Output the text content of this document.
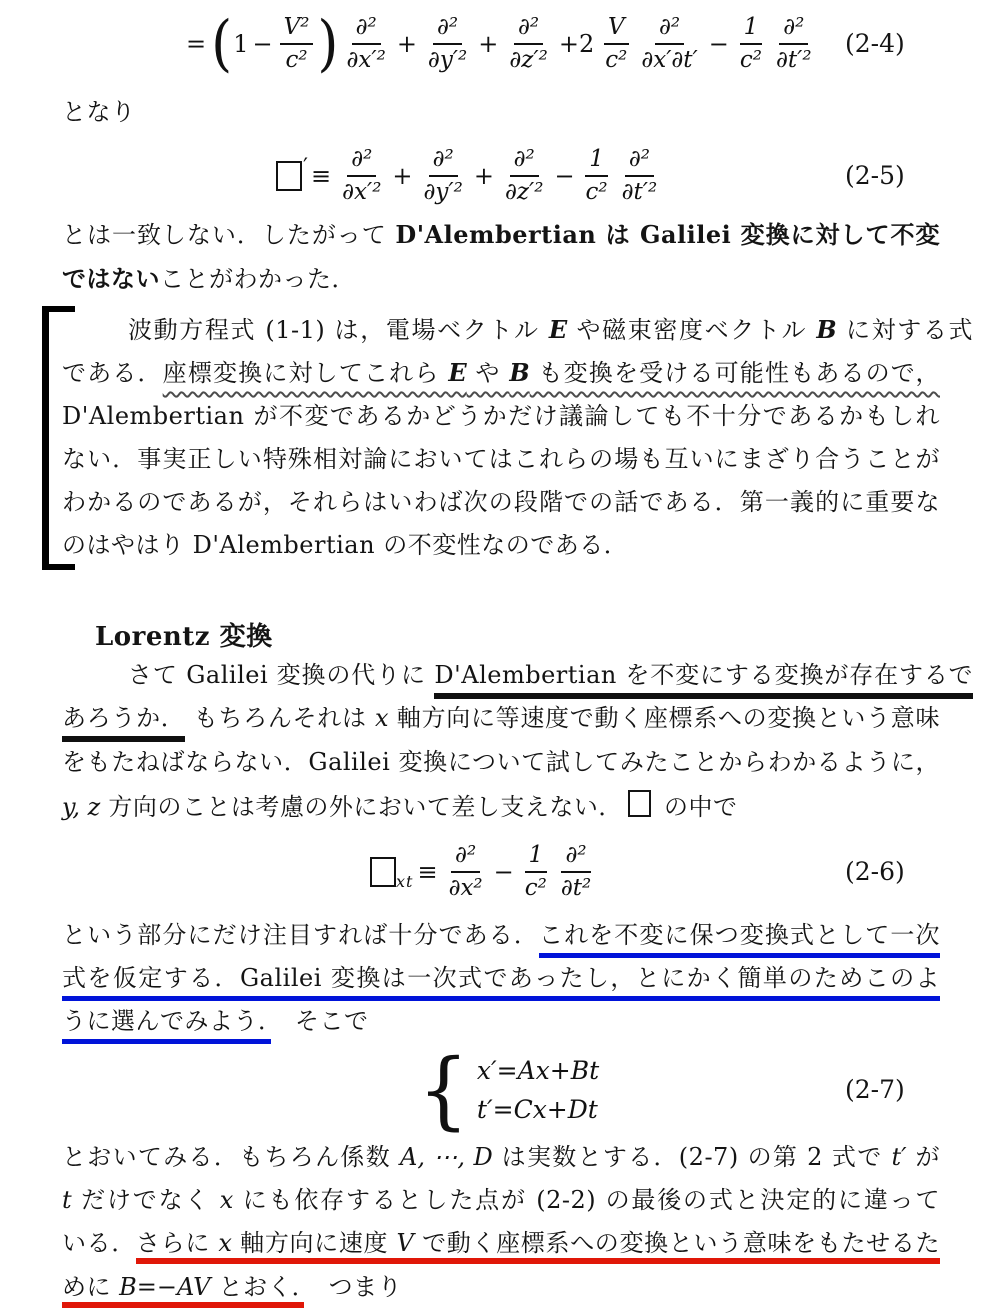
= ( $1 - \frac{\text{V²}}{\text{c²}}$ ) $\frac{\text{∂²}}{\text{∂x′²}} + \frac{\text{∂²}}{\text{∂y′²}} + \frac{\text{∂²}}{\text{∂z′²}} +2 \frac{V}{\text{c²}} \frac{\text{∂²}}{\partial x'\partial t'} - \frac{1}{\text{c²}} \frac{\text{∂²}}{\text{∂t′²}} (2-4)$
となり
′ ≡ $\frac{\text{∂²}}{\text{∂x′²}} + \frac{\text{∂²}}{\text{∂y′²}} + \frac{\text{∂²}}{\text{∂z′²}} - \frac{1}{\text{c²}} \frac{\text{∂²}}{\text{∂t′²}}$	(2-5)
とは一致しない．したがって D'Alembertian は Galilei 変換に対して不変
ではないことがわかった．
波動方程式 (1-1) は，電場ベクトル E や磁束密度ベクトル B に対する式
である．座標変換に対してこれら E や B も変換を受ける可能性もあるので，
D'Alembertian が不変であるかどうかだけ議論しても不十分であるかもしれ
ない．事実正しい特殊相対論においてはこれらの場も互いにまざり合うことが
わかるのであるが，それらはいわば次の段階での話である．第一義的に重要な
のはやはり D'Alembertian の不変性なのである．
Lorentz 変換
さて Galilei 変換の代りに D'Alembertian を不変にする変換が存在するで
あろうか． もちろんそれは x 軸方向に等速度で動く座標系への変換という意味
をもたねばならない．Galilei 変換について試してみたことからわかるように，
y, z 方向のことは考慮の外において差し支えない． の中で
xt ≡ $\frac{\text{∂²}}{\text{∂x²}} - \frac{1}{\text{c²}} \frac{\text{∂²}}{\text{∂t²}}$	(2-6)
という部分にだけ注目すれば十分である．これを不変に保つ変換式として一次
式を仮定する．Galilei 変換は一次式であったし，とにかく簡単のためこのよ
うに選んでみよう．　そこで
{ x′=Ax+Bt
t′=Cx+Dt
(2-7)
とおいてみる．もちろん係数 A, ⋯, D は実数とする．(2-7) の第 2 式で t′ が
t だけでなく x にも依存するとした点が (2-2) の最後の式と決定的に違って
いる．さらに x 軸方向に速度 V で動く座標系への変換という意味をもたせるた
めに B=−AV とおく．　つまり
